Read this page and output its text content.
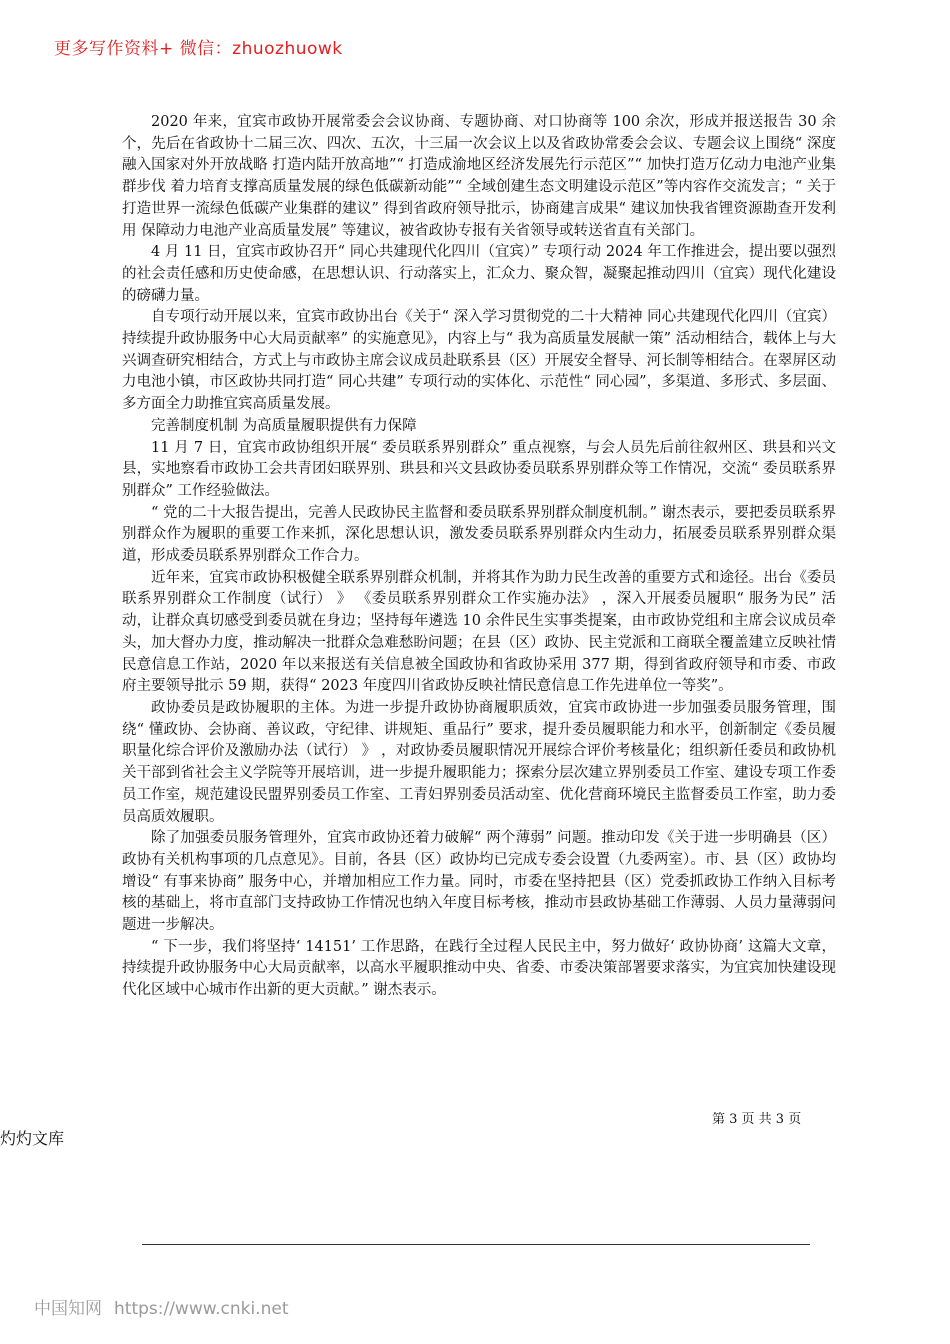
更多写作资料+ 微信：zhuozhuowk

2020 年来，宜宾市政协开展常委会会议协商、专题协商、对口协商等 100 余次，形成并报送报告 30 余个，先后在省政协十二届三次、四次、五次，十三届一次会议上以及省政协常委会会议、专题会议上围绕“ 深度融入国家对外开放战略 打造内陆开放高地”“ 打造成渝地区经济发展先行示范区”“ 加快打造万亿动力电池产业集群步伐 着力培育支撑高质量发展的绿色低碳新动能”“ 全域创建生态文明建设示范区”等内容作交流发言；“ 关于打造世界一流绿色低碳产业集群的建议” 得到省政府领导批示，协商建言成果“ 建议加快我省锂资源勘查开发利用 保障动力电池产业高质量发展” 等建议，被省政协专报有关省领导或转送省直有关部门。

4 月 11 日，宜宾市政协召开“ 同心共建现代化四川（宜宾）” 专项行动 2024 年工作推进会，提出要以强烈的社会责任感和历史使命感，在思想认识、行动落实上，汇众力、聚众智，凝聚起推动四川（宜宾）现代化建设的磅礴力量。

自专项行动开展以来，宜宾市政协出台《关于“ 深入学习贯彻党的二十大精神 同心共建现代化四川（宜宾） 持续提升政协服务中心大局贡献率” 的实施意见》，内容上与“ 我为高质量发展献一策” 活动相结合，载体上与大兴调查研究相结合，方式上与市政协主席会议成员赴联系县（区）开展安全督导、河长制等相结合。在翠屏区动力电池小镇，市区政协共同打造“ 同心共建” 专项行动的实体化、示范性“ 同心园”，多渠道、多形式、多层面、多方面全力助推宜宾高质量发展。

完善制度机制 为高质量履职提供有力保障

11 月 7 日，宜宾市政协组织开展“ 委员联系界别群众” 重点视察，与会人员先后前往叙州区、珙县和兴文县，实地察看市政协工会共青团妇联界别、珙县和兴文县政协委员联系界别群众等工作情况，交流“ 委员联系界别群众” 工作经验做法。

“ 党的二十大报告提出，完善人民政协民主监督和委员联系界别群众制度机制。” 谢杰表示，要把委员联系界别群众作为履职的重要工作来抓，深化思想认识，激发委员联系界别群众内生动力，拓展委员联系界别群众渠道，形成委员联系界别群众工作合力。

近年来，宜宾市政协积极健全联系界别群众机制，并将其作为助力民生改善的重要方式和途径。出台《委员联系界别群众工作制度（试行） 》 《委员联系界别群众工作实施办法》 ，深入开展委员履职“ 服务为民” 活动，让群众真切感受到委员就在身边；坚持每年遴选 10 余件民生实事类提案，由市政协党组和主席会议成员牵头，加大督办力度，推动解决一批群众急难愁盼问题；在县（区）政协、民主党派和工商联全覆盖建立反映社情民意信息工作站，2020 年以来报送有关信息被全国政协和省政协采用 377 期，得到省政府领导和市委、市政府主要领导批示 59 期，获得“ 2023 年度四川省政协反映社情民意信息工作先进单位一等奖”。

政协委员是政协履职的主体。为进一步提升政协协商履职质效，宜宾市政协进一步加强委员服务管理，围绕“ 懂政协、会协商、善议政，守纪律、讲规矩、重品行” 要求，提升委员履职能力和水平，创新制定《委员履职量化综合评价及激励办法（试行） 》 ，对政协委员履职情况开展综合评价考核量化；组织新任委员和政协机关干部到省社会主义学院等开展培训，进一步提升履职能力；探索分层次建立界别委员工作室、建设专项工作委员工作室，规范建设民盟界别委员工作室、工青妇界别委员活动室、优化营商环境民主监督委员工作室，助力委员高质效履职。

除了加强委员服务管理外，宜宾市政协还着力破解“ 两个薄弱” 问题。推动印发《关于进一步明确县（区）政协有关机构事项的几点意见》。目前，各县（区）政协均已完成专委会设置（九委两室）。市、县（区）政协均增设“ 有事来协商” 服务中心，并增加相应工作力量。同时，市委在坚持把县（区）党委抓政协工作纳入目标考核的基础上，将市直部门支持政协工作情况也纳入年度目标考核，推动市县政协基础工作薄弱、人员力量薄弱问题进一步解决。

“ 下一步，我们将坚持‘ 14151’ 工作思路，在践行全过程人民民主中，努力做好‘ 政协协商’ 这篇大文章，持续提升政协服务中心大局贡献率，以高水平履职推动中央、省委、市委决策部署要求落实，为宜宾加快建设现代化区域中心城市作出新的更大贡献。” 谢杰表示。

第 3 页 共 3 页
灼灼文库
中国知网 https://www.cnki.net
